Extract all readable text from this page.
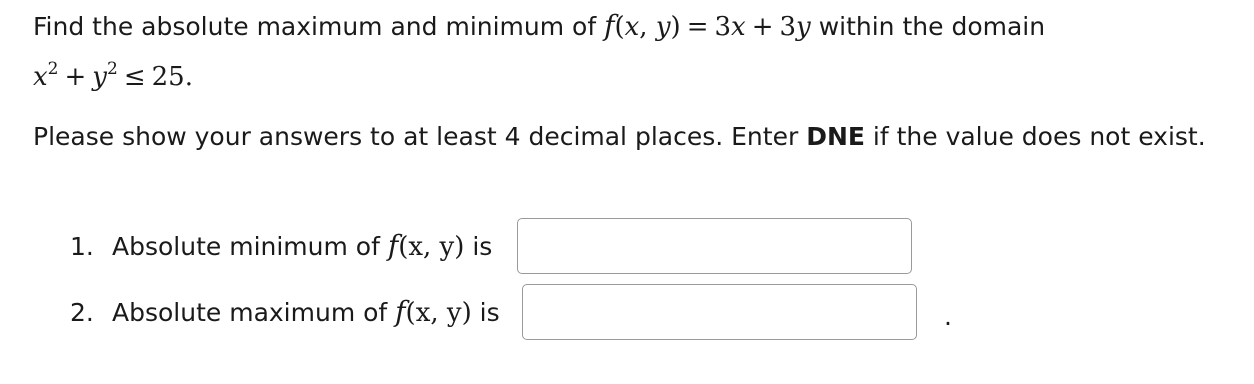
Find the absolute maximum and minimum of f(x, y) = 3x + 3y within the domain
$x^2 + y^2 \le 25$.
Please show your answers to at least 4 decimal places. Enter DNE if the value does not exist.
1. Absolute minimum of f(x, y) is
2. Absolute maximum of f(x, y) is	.
